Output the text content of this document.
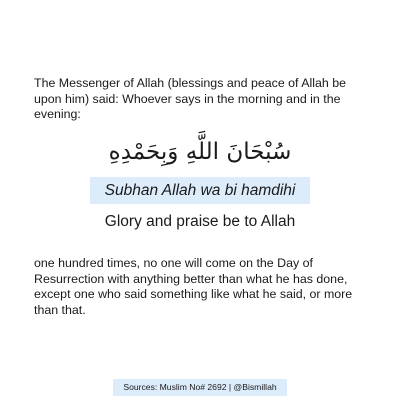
The Messenger of Allah (blessings and peace of Allah be upon him) said: Whoever says in the morning and in the evening:

سُبْحَانَ اللَّهِ وَبِحَمْدِهِ

Subhan Allah wa bi hamdihi

Glory and praise be to Allah

one hundred times, no one will come on the Day of Resurrection with anything better than what he has done, except one who said something like what he said, or more than that.

Sources: Muslim No# 2692 | @Bismillah
